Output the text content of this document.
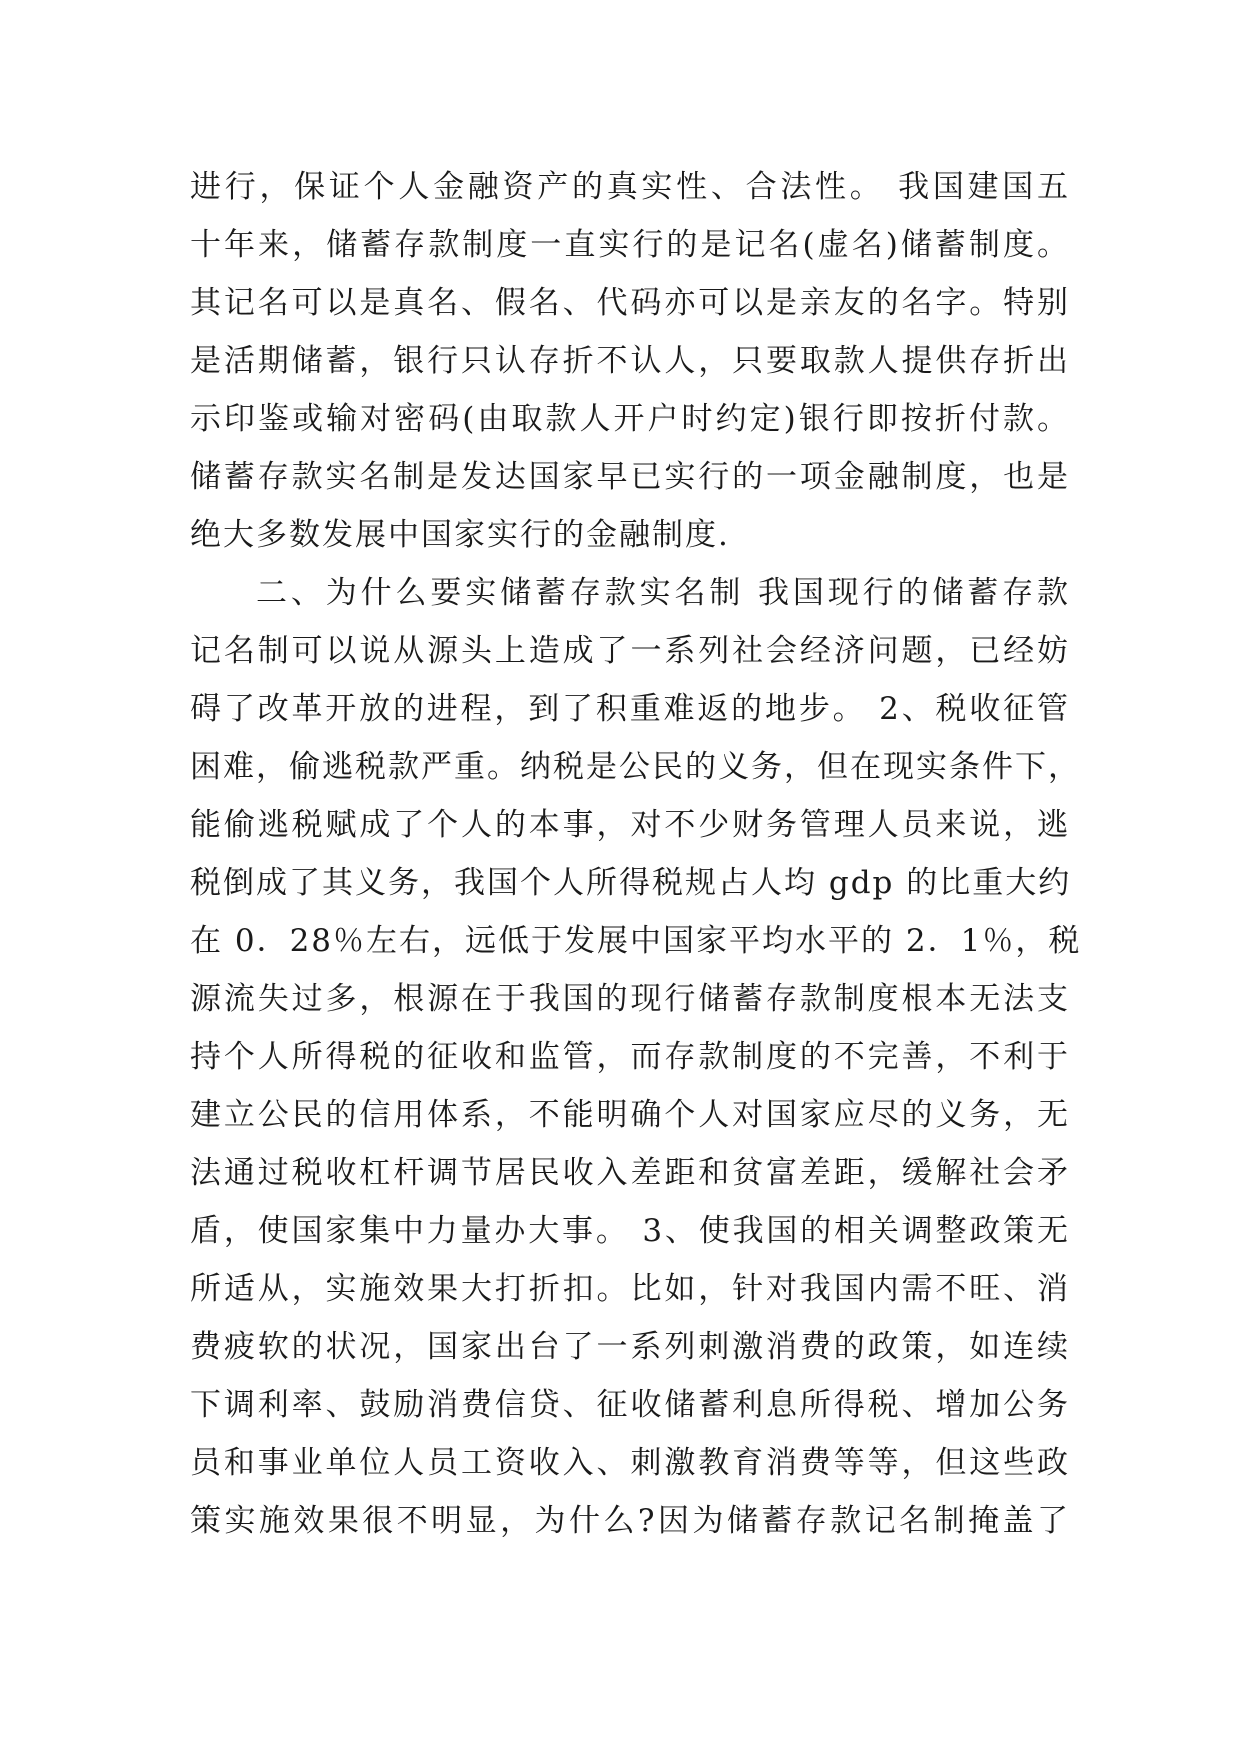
进行，保证个人金融资产的真实性、合法性。 我国建国五
十年来，储蓄存款制度一直实行的是记名(虚名)储蓄制度。
其记名可以是真名、假名、代码亦可以是亲友的名字。特别
是活期储蓄，银行只认存折不认人，只要取款人提供存折出
示印鉴或输对密码(由取款人开户时约定)银行即按折付款。
储蓄存款实名制是发达国家早已实行的一项金融制度，也是
绝大多数发展中国家实行的金融制度.
二、为什么要实储蓄存款实名制 我国现行的储蓄存款
记名制可以说从源头上造成了一系列社会经济问题，已经妨
碍了改革开放的进程，到了积重难返的地步。 2、税收征管
困难，偷逃税款严重。纳税是公民的义务，但在现实条件下，
能偷逃税赋成了个人的本事，对不少财务管理人员来说，逃
税倒成了其义务，我国个人所得税规占人均 gdp 的比重大约
在 0．28％左右，远低于发展中国家平均水平的 2．1％，税
源流失过多，根源在于我国的现行储蓄存款制度根本无法支
持个人所得税的征收和监管，而存款制度的不完善，不利于
建立公民的信用体系，不能明确个人对国家应尽的义务，无
法通过税收杠杆调节居民收入差距和贫富差距，缓解社会矛
盾，使国家集中力量办大事。 3、使我国的相关调整政策无
所适从，实施效果大打折扣。比如，针对我国内需不旺、消
费疲软的状况，国家出台了一系列刺激消费的政策，如连续
下调利率、鼓励消费信贷、征收储蓄利息所得税、增加公务
员和事业单位人员工资收入、刺激教育消费等等，但这些政
策实施效果很不明显，为什么?因为储蓄存款记名制掩盖了
